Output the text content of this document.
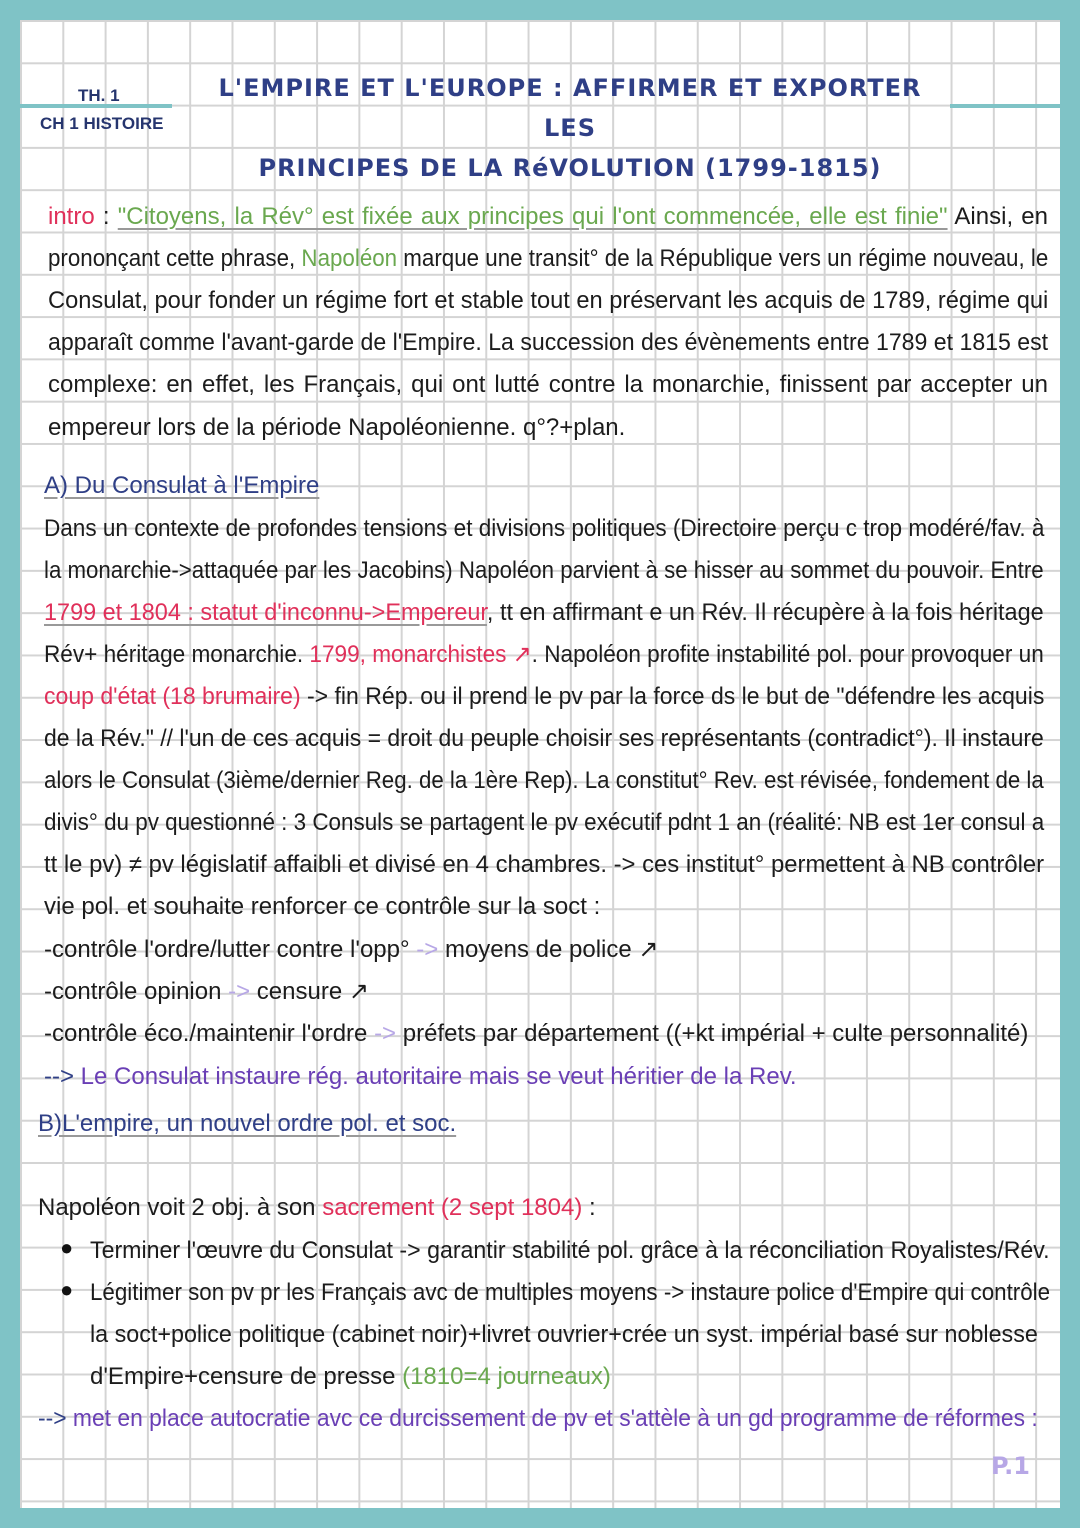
TH. 1
CH 1 HISTOIRE
L'EMPIRE ET L'EUROPE : AFFIRMER ET EXPORTER LES
PRINCIPES DE LA RéVOLUTION (1799-1815)
intro : "Citoyens, la Rév° est fixée aux principes qui l'ont commencée, elle est finie" Ainsi, en
prononçant cette phrase, Napoléon marque une transit° de la République vers un régime nouveau, le
Consulat, pour fonder un régime fort et stable tout en préservant les acquis de 1789, régime qui
apparaît comme l'avant-garde de l'Empire. La succession des évènements entre 1789 et 1815 est
complexe: en effet, les Français, qui ont lutté contre la monarchie, finissent par accepter un
empereur lors de la période Napoléonienne. q°?+plan.
A) Du Consulat à l'Empire
Dans un contexte de profondes tensions et divisions politiques (Directoire perçu c trop modéré/fav. à
la monarchie->attaquée par les Jacobins) Napoléon parvient à se hisser au sommet du pouvoir. Entre
1799 et 1804 : statut d'inconnu->Empereur, tt en affirmant e un Rév. Il récupère à la fois héritage
Rév+ héritage monarchie. 1799, monarchistes ↗. Napoléon profite instabilité pol. pour provoquer un
coup d'état (18 brumaire) -> fin Rép. ou il prend le pv par la force ds le but de "défendre les acquis
de la Rév." // l'un de ces acquis = droit du peuple choisir ses représentants (contradict°). Il instaure
alors le Consulat (3ième/dernier Reg. de la 1ère Rep). La constitut° Rev. est révisée, fondement de la
divis° du pv questionné : 3 Consuls se partagent le pv exécutif pdnt 1 an (réalité: NB est 1er consul a
tt le pv) ≠ pv législatif affaibli et divisé en 4 chambres. -> ces institut° permettent à NB contrôler
vie pol. et souhaite renforcer ce contrôle sur la soct :
-contrôle l'ordre/lutter contre l'opp° -> moyens de police ↗
-contrôle opinion -> censure ↗
-contrôle éco./maintenir l'ordre -> préfets par département ((+kt impérial + culte personnalité)
--> Le Consulat instaure rég. autoritaire mais se veut héritier de la Rev.
B)L'empire, un nouvel ordre pol. et soc.
Napoléon voit 2 obj. à son sacrement (2 sept 1804) :
● Terminer l'œuvre du Consulat -> garantir stabilité pol. grâce à la réconciliation Royalistes/Rév.
● Légitimer son pv pr les Français avc de multiples moyens -> instaure police d'Empire qui contrôle
la soct+police politique (cabinet noir)+livret ouvrier+crée un syst. impérial basé sur noblesse
d'Empire+censure de presse (1810=4 journeaux)
--> met en place autocratie avc ce durcissement de pv et s'attèle à un gd programme de réformes :
P.1
